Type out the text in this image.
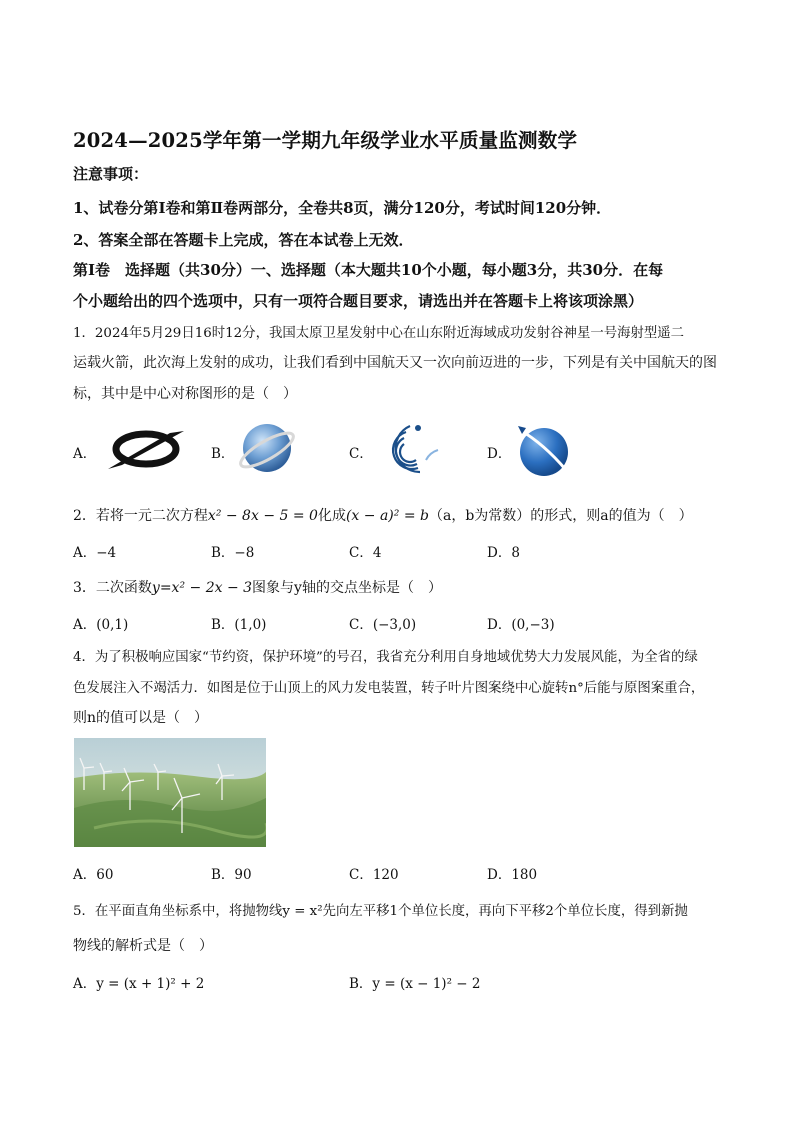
2024—2025学年第一学期九年级学业水平质量监测数学
注意事项：
1、试卷分第Ⅰ卷和第Ⅱ卷两部分，全卷共8页，满分120分，考试时间120分钟．
2、答案全部在答题卡上完成，答在本试卷上无效．
第Ⅰ卷　选择题（共30分）一、选择题（本大题共10个小题，每小题3分，共30分．在每
个小题给出的四个选项中，只有一项符合题目要求，请选出并在答题卡上将该项涂黑）
1．2024年5月29日16时12分，我国太原卫星发射中心在山东附近海域成功发射谷神星一号海射型遥二
运载火箭，此次海上发射的成功，让我们看到中国航天又一次向前迈进的一步，下列是有关中国航天的图
标，其中是中心对称图形的是（　）
A．	B．	C．	D．
2．若将一元二次方程x² − 8x − 5 = 0化成(x − a)² = b（a，b为常数）的形式，则a的值为（　）
A．−4	B．−8	C．4	D．8
3．二次函数y=x² − 2x − 3图象与y轴的交点坐标是（　）
A．(0,1)	B．(1,0)	C．(−3,0)	D．(0,−3)
4．为了积极响应国家“节约资，保护环境”的号召，我省充分利用自身地域优势大力发展风能，为全省的绿
色发展注入不竭活力．如图是位于山顶上的风力发电装置，转子叶片图案绕中心旋转n°后能与原图案重合，
则n的值可以是（　）
A．60	B．90	C．120	D．180
5．在平面直角坐标系中，将抛物线y = x²先向左平移1个单位长度，再向下平移2个单位长度，得到新抛
物线的解析式是（　）
A．y = (x + 1)² + 2	B．y = (x − 1)² − 2
